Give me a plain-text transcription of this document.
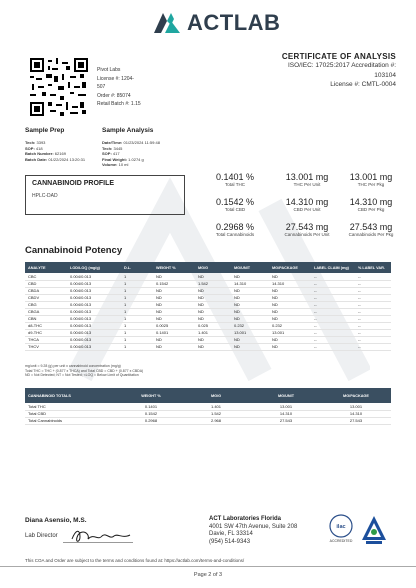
ACTLAB
Pivot Labs
License #: 1204-
507
Order #: 85074
Retail Batch #: 1.15
CERTIFICATE OF ANALYSIS
ISO/IEC: 17025:2017 Accreditation #:
103104
License #: CMTL-0004
Sample Prep
Tech: 3393
SOP: 418
Batch Number: 62169
Batch Date: 01/22/2024 13:20:31
Sample Analysis
Date/Time: 01/23/2024 11:59:48
Tech: 3445
SOP: 417
Final Weight: 1.0274 g
Volume: 10 ml
CANNABINOID PROFILE
HPLC-DAD
0.1401 %
Total THC
13.001 mg
THC Per Unit
13.001 mg
THC Per Pkg
0.1542 %
Total CBD
14.310 mg
CBD Per Unit
14.310 mg
CBD Per Pkg
0.2968 %
Total Cannabinoids
27.543 mg
Cannabinoids Per Unit
27.543 mg
Cannabinoids Per Pkg
Cannabinoid Potency
ANALYTE	LOD/LOQ (mg/g)	D.L.	WEIGHT %	MG/G	MG/UNIT	MG/PACKAGE	LABEL CLAIM (mg)	% LABEL VAR.
CBC	0.004/0.013	1	ND	ND	ND	ND	--	--
CBD	0.004/0.013	1	0.1542	1.542	14.310	14.310	--	--
CBDA	0.004/0.013	1	ND	ND	ND	ND	--	--
CBDV	0.004/0.013	1	ND	ND	ND	ND	--	--
CBG	0.004/0.013	1	ND	ND	ND	ND	--	--
CBGA	0.004/0.013	1	ND	ND	ND	ND	--	--
CBN	0.004/0.013	1	ND	ND	ND	ND	--	--
d8-THC	0.004/0.013	1	0.0025	0.025	0.232	0.232	--	--
d9-THC	0.004/0.013	1	0.1401	1.401	13.001	13.001	--	--
THCA	0.004/0.013	1	ND	ND	ND	ND	--	--
THCV	0.004/0.013	1	ND	ND	ND	ND	--	--
mg/unit = 9.28 (g) per unit x cannabinoid concentration (mg/g)
Total THC = THC + (0.877 x THCA) and Total CBD = CBD + (0.877 x CBDA)
ND = Not Detected; NT = Not Tested; <LOQ = Below Limit of Quantitation
CANNABINOID TOTALS	WEIGHT %	MG/G	MG/UNIT	MG/PACKAGE
Total THC	0.1401	1.401	13.001	13.001
Total CBD	0.1542	1.542	14.310	14.310
Total Cannabinoids	0.2968	2.968	27.543	27.543
Diana Asensio, M.S.
Lab Director
ACT Laboratories Florida
4001 SW 47th Avenue, Suite 208
Davie, FL 33314
(954) 514-9343
ilac
ACCREDITED
This COA and Order are subject to the terms and conditions found at: https://actlab.com/terms-and-conditions/
Page 2 of 3
